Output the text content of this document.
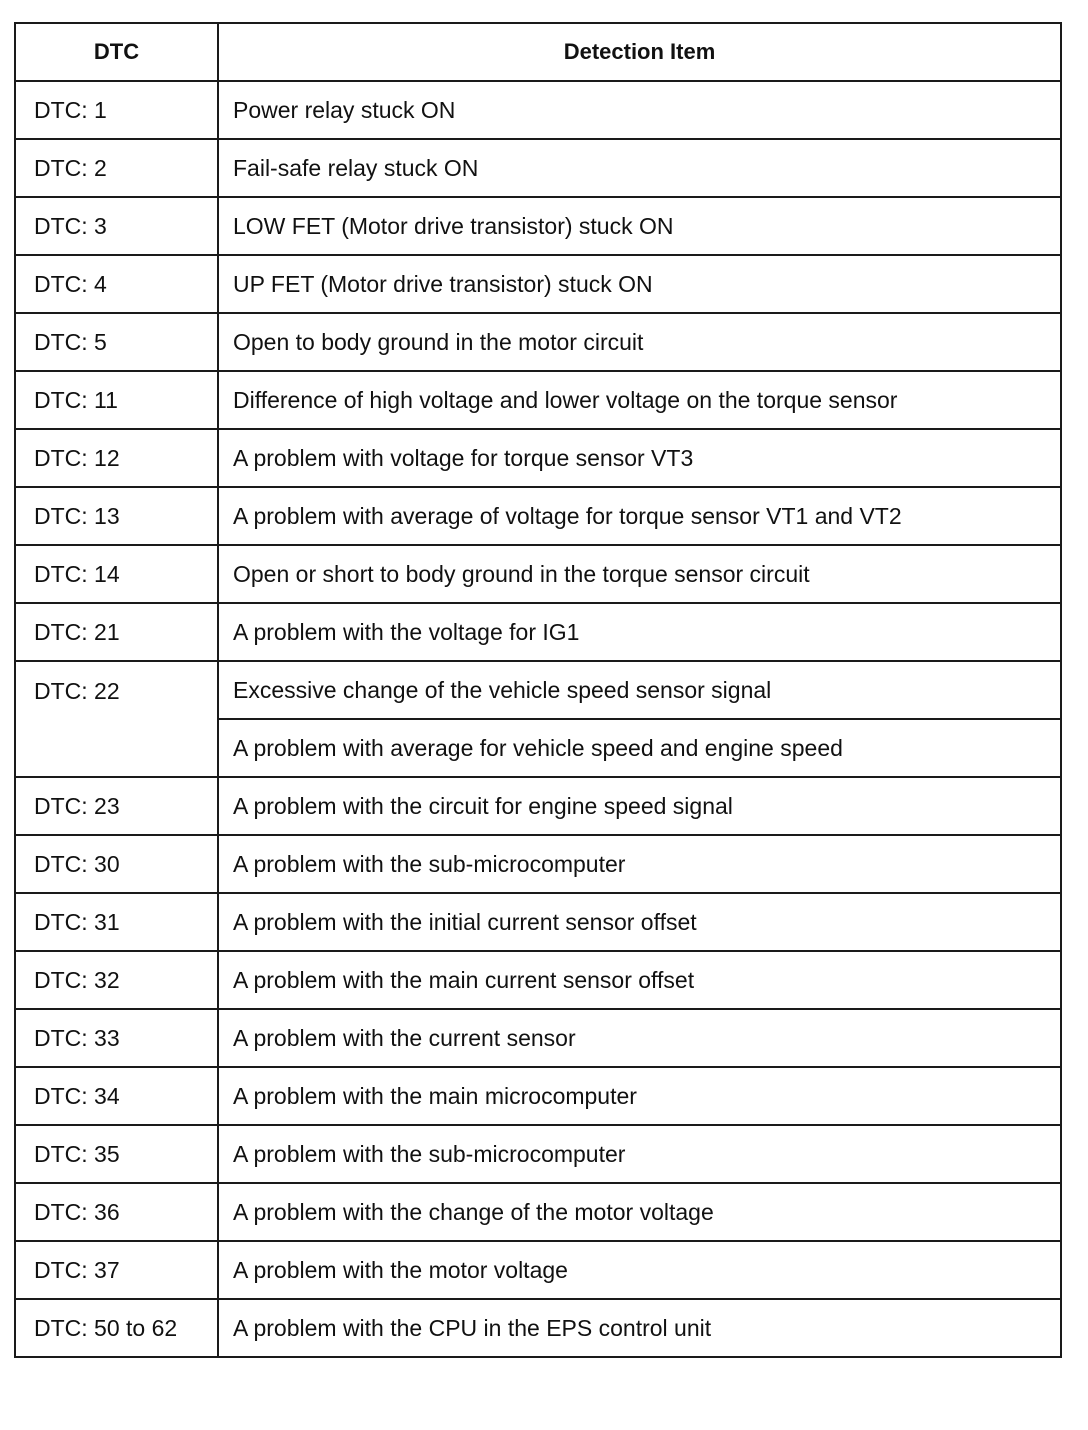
DTC	Detection Item
DTC: 1	Power relay stuck ON
DTC: 2	Fail-safe relay stuck ON
DTC: 3	LOW FET (Motor drive transistor) stuck ON
DTC: 4	UP FET (Motor drive transistor) stuck ON
DTC: 5	Open to body ground in the motor circuit
DTC: 11	Difference of high voltage and lower voltage on the torque sensor
DTC: 12	A problem with voltage for torque sensor VT3
DTC: 13	A problem with average of voltage for torque sensor VT1 and VT2
DTC: 14	Open or short to body ground in the torque sensor circuit
DTC: 21	A problem with the voltage for IG1
DTC: 22	Excessive change of the vehicle speed sensor signal
	A problem with average for vehicle speed and engine speed
DTC: 23	A problem with the circuit for engine speed signal
DTC: 30	A problem with the sub-microcomputer
DTC: 31	A problem with the initial current sensor offset
DTC: 32	A problem with the main current sensor offset
DTC: 33	A problem with the current sensor
DTC: 34	A problem with the main microcomputer
DTC: 35	A problem with the sub-microcomputer
DTC: 36	A problem with the change of the motor voltage
DTC: 37	A problem with the motor voltage
DTC: 50 to 62	A problem with the CPU in the EPS control unit
